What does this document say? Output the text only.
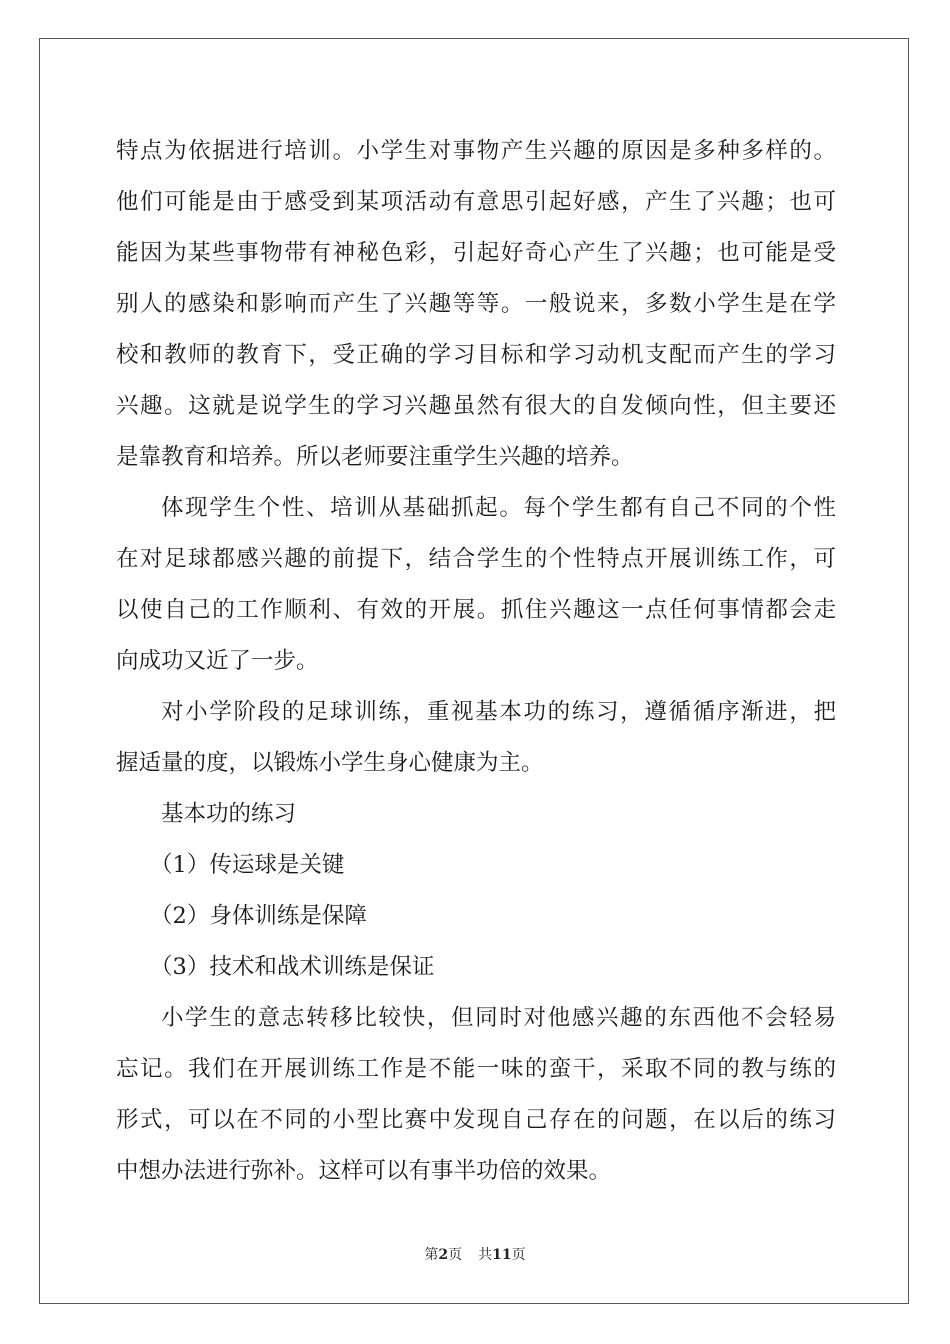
特点为依据进行培训。小学生对事物产生兴趣的原因是多种多样的。
他们可能是由于感受到某项活动有意思引起好感，产生了兴趣；也可
能因为某些事物带有神秘色彩，引起好奇心产生了兴趣；也可能是受
别人的感染和影响而产生了兴趣等等。一般说来，多数小学生是在学
校和教师的教育下，受正确的学习目标和学习动机支配而产生的学习
兴趣。这就是说学生的学习兴趣虽然有很大的自发倾向性，但主要还
是靠教育和培养。所以老师要注重学生兴趣的培养。
体现学生个性、培训从基础抓起。每个学生都有自己不同的个性
在对足球都感兴趣的前提下，结合学生的个性特点开展训练工作，可
以使自己的工作顺利、有效的开展。抓住兴趣这一点任何事情都会走
向成功又近了一步。
对小学阶段的足球训练，重视基本功的练习，遵循循序渐进，把
握适量的度，以锻炼小学生身心健康为主。
基本功的练习
（1）传运球是关键
（2）身体训练是保障
（3）技术和战术训练是保证
小学生的意志转移比较快，但同时对他感兴趣的东西他不会轻易
忘记。我们在开展训练工作是不能一味的蛮干，采取不同的教与练的
形式，可以在不同的小型比赛中发现自己存在的问题，在以后的练习
中想办法进行弥补。这样可以有事半功倍的效果。
第2页 共11页
